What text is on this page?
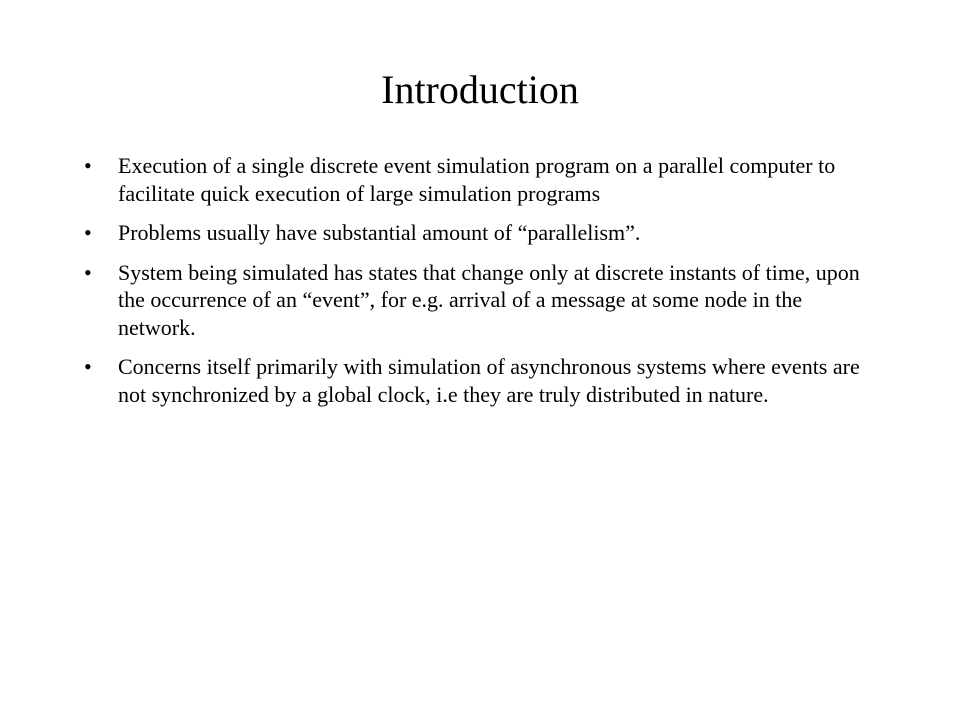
Introduction
•	Execution of a single discrete event simulation program on a parallel computer to facilitate quick execution of large simulation programs
•	Problems usually have substantial amount of “parallelism”.
•	System being simulated has states that change only at discrete instants of time, upon the occurrence of an “event”, for e.g. arrival of a message at some node in the network.
•	Concerns itself primarily with simulation of asynchronous systems where events are not synchronized by a global clock, i.e they are truly distributed in nature.
